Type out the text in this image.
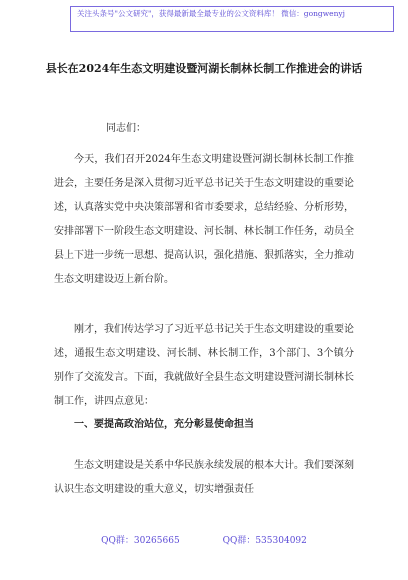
关注头条号"公文研究"，获得最新最全最专业的公文资料库！ 微信：gongwenyj
县长在2024年生态文明建设暨河湖长制林长制工作推进会的讲话
同志们：

今天，我们召开2024年生态文明建设暨河湖长制林长制工作推进会，主要任务是深入贯彻习近平总书记关于生态文明建设的重要论述，认真落实党中央决策部署和省市委要求，总结经验、分析形势，安排部署下一阶段生态文明建设、河长制、林长制工作任务，动员全县上下进一步统一思想、提高认识，强化措施、狠抓落实，全力推动生态文明建设迈上新台阶。

刚才，我们传达学习了习近平总书记关于生态文明建设的重要论述，通报生态文明建设、河长制、林长制工作，3个部门、3个镇分别作了交流发言。下面，我就做好全县生态文明建设暨河湖长制林长制工作，讲四点意见：

一、要提高政治站位，充分彰显使命担当

生态文明建设是关系中华民族永续发展的根本大计。我们要深刻认识生态文明建设的重大意义，切实增强责任

QQ群：30265665	QQ群：535304092
